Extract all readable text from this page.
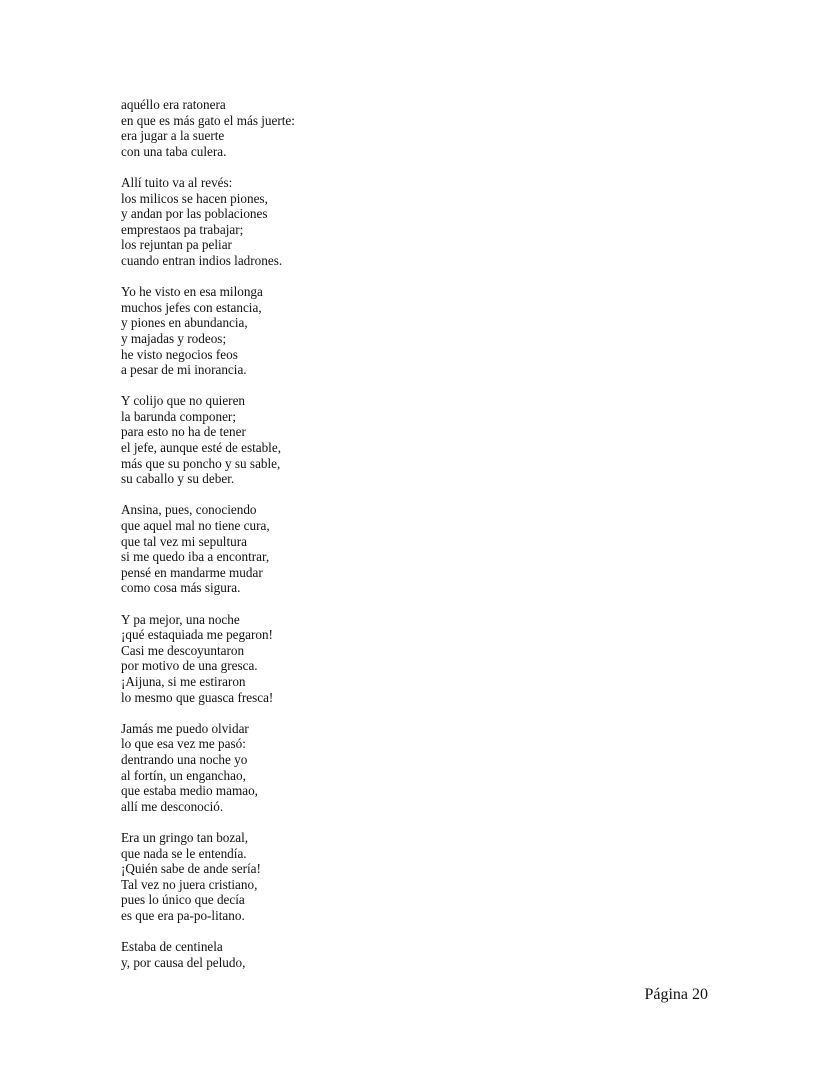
aquéllo era ratonera
en que es más gato el más juerte:
era jugar a la suerte
con una taba culera.
Allí tuito va al revés:
los milicos se hacen piones,
y andan por las poblaciones
emprestaos pa trabajar;
los rejuntan pa peliar
cuando entran indios ladrones.
Yo he visto en esa milonga
muchos jefes con estancia,
y piones en abundancia,
y majadas y rodeos;
he visto negocios feos
a pesar de mi inorancia.
Y colijo que no quieren
la barunda componer;
para esto no ha de tener
el jefe, aunque esté de estable,
más que su poncho y su sable,
su caballo y su deber.
Ansina, pues, conociendo
que aquel mal no tiene cura,
que tal vez mi sepultura
si me quedo iba a encontrar,
pensé en mandarme mudar
como cosa más sigura.
Y pa mejor, una noche
¡qué estaquiada me pegaron!
Casi me descoyuntaron
por motivo de una gresca.
¡Aijuna, si me estiraron
lo mesmo que guasca fresca!
Jamás me puedo olvidar
lo que esa vez me pasó:
dentrando una noche yo
al fortín, un enganchao,
que estaba medio mamao,
allí me desconoció.
Era un gringo tan bozal,
que nada se le entendía.
¡Quién sabe de ande sería!
Tal vez no juera cristiano,
pues lo único que decía
es que era pa-po-litano.
Estaba de centinela
y, por causa del peludo,
Página 20
